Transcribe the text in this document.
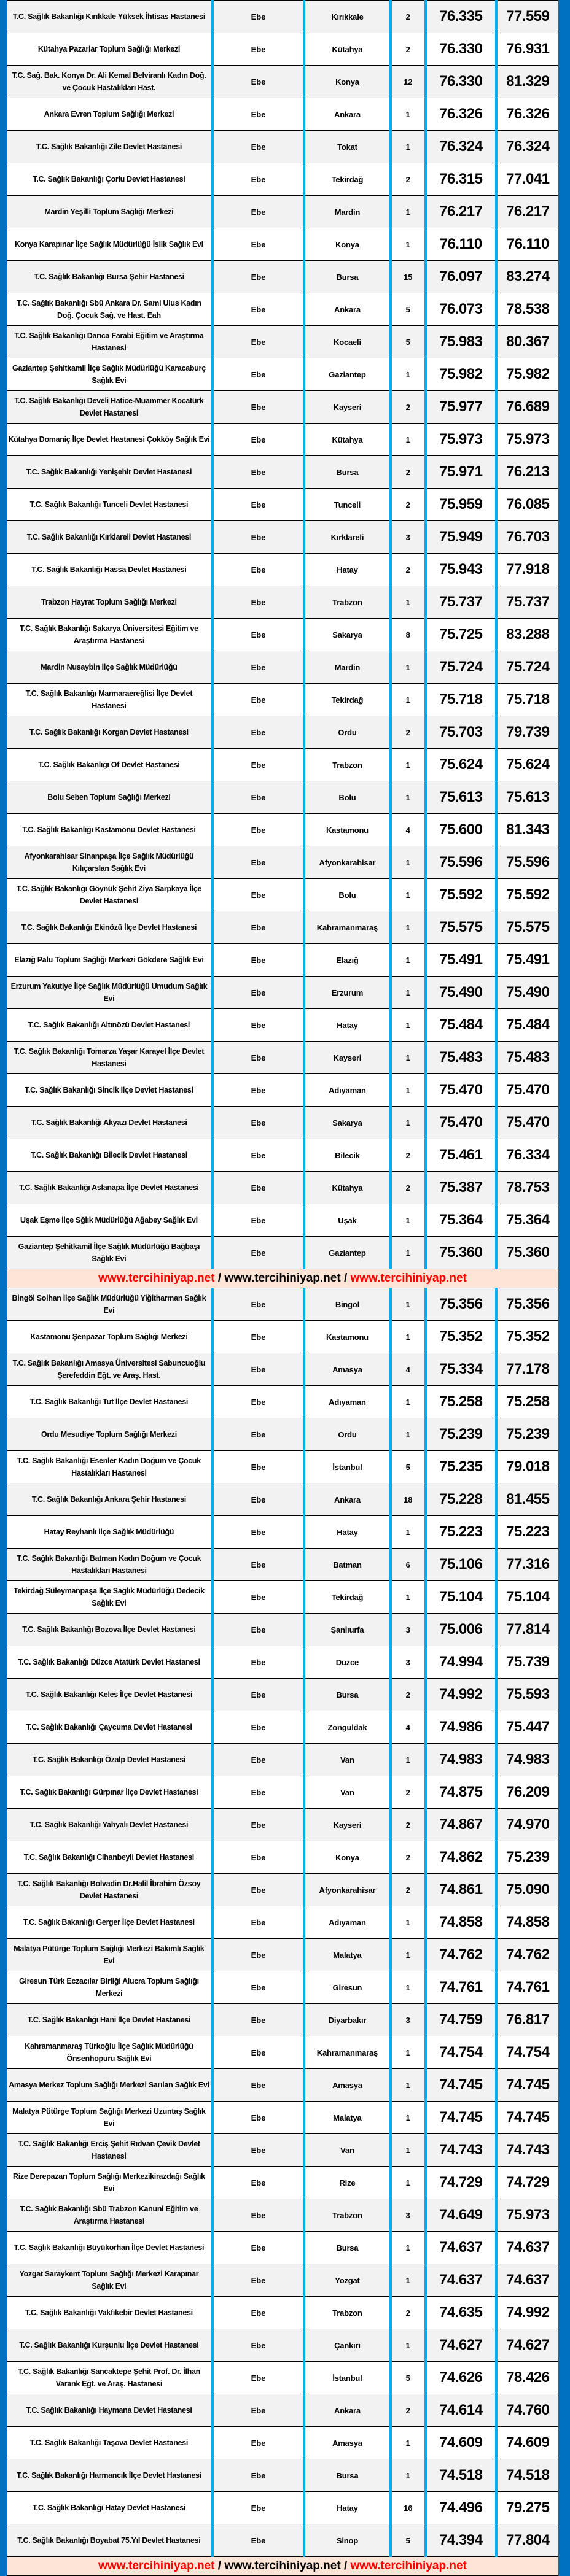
T.C. Sağlık Bakanlığı Kırıkkale Yüksek İhtisas Hastanesi	Ebe	Kırıkkale	2	76.335	77.559
Kütahya Pazarlar Toplum Sağlığı Merkezi	Ebe	Kütahya	2	76.330	76.931
T.C. Sağ. Bak. Konya Dr. Ali Kemal Belviranlı Kadın Doğ. ve Çocuk Hastalıkları Hast.	Ebe	Konya	12	76.330	81.329
Ankara Evren Toplum Sağlığı Merkezi	Ebe	Ankara	1	76.326	76.326
T.C. Sağlık Bakanlığı Zile Devlet Hastanesi	Ebe	Tokat	1	76.324	76.324
T.C. Sağlık Bakanlığı Çorlu Devlet Hastanesi	Ebe	Tekirdağ	2	76.315	77.041
Mardin Yeşilli Toplum Sağlığı Merkezi	Ebe	Mardin	1	76.217	76.217
Konya Karapınar İlçe Sağlık Müdürlüğü İslik Sağlık Evi	Ebe	Konya	1	76.110	76.110
T.C. Sağlık Bakanlığı Bursa Şehir Hastanesi	Ebe	Bursa	15	76.097	83.274
T.C. Sağlık Bakanlığı Sbü Ankara Dr. Sami Ulus Kadın Doğ. Çocuk Sağ. ve Hast. Eah	Ebe	Ankara	5	76.073	78.538
T.C. Sağlık Bakanlığı Darıca Farabi Eğitim ve Araştırma Hastanesi	Ebe	Kocaeli	5	75.983	80.367
Gaziantep Şehitkamil İlçe Sağlık Müdürlüğü Karacaburç Sağlık Evi	Ebe	Gaziantep	1	75.982	75.982
T.C. Sağlık Bakanlığı Develi Hatice-Muammer Kocatürk Devlet Hastanesi	Ebe	Kayseri	2	75.977	76.689
Kütahya Domaniç İlçe Devlet Hastanesi Çokköy Sağlık Evi	Ebe	Kütahya	1	75.973	75.973
T.C. Sağlık Bakanlığı Yenişehir Devlet Hastanesi	Ebe	Bursa	2	75.971	76.213
T.C. Sağlık Bakanlığı Tunceli Devlet Hastanesi	Ebe	Tunceli	2	75.959	76.085
T.C. Sağlık Bakanlığı Kırklareli Devlet Hastanesi	Ebe	Kırklareli	3	75.949	76.703
T.C. Sağlık Bakanlığı Hassa Devlet Hastanesi	Ebe	Hatay	2	75.943	77.918
Trabzon Hayrat Toplum Sağlığı Merkezi	Ebe	Trabzon	1	75.737	75.737
T.C. Sağlık Bakanlığı Sakarya Üniversitesi Eğitim ve Araştırma Hastanesi	Ebe	Sakarya	8	75.725	83.288
Mardin Nusaybin İlçe Sağlık Müdürlüğü	Ebe	Mardin	1	75.724	75.724
T.C. Sağlık Bakanlığı Marmaraereğlisi İlçe Devlet Hastanesi	Ebe	Tekirdağ	1	75.718	75.718
T.C. Sağlık Bakanlığı Korgan Devlet Hastanesi	Ebe	Ordu	2	75.703	79.739
T.C. Sağlık Bakanlığı Of Devlet Hastanesi	Ebe	Trabzon	1	75.624	75.624
Bolu Seben Toplum Sağlığı Merkezi	Ebe	Bolu	1	75.613	75.613
T.C. Sağlık Bakanlığı Kastamonu Devlet Hastanesi	Ebe	Kastamonu	4	75.600	81.343
Afyonkarahisar Sinanpaşa İlçe Sağlık Müdürlüğü Kılıçarslan Sağlık Evi	Ebe	Afyonkarahisar	1	75.596	75.596
T.C. Sağlık Bakanlığı Göynük Şehit Ziya Sarpkaya İlçe Devlet Hastanesi	Ebe	Bolu	1	75.592	75.592
T.C. Sağlık Bakanlığı Ekinözü İlçe Devlet Hastanesi	Ebe	Kahramanmaraş	1	75.575	75.575
Elazığ Palu Toplum Sağlığı Merkezi Gökdere Sağlık Evi	Ebe	Elazığ	1	75.491	75.491
Erzurum Yakutiye İlçe Sağlık Müdürlüğü Umudum Sağlık Evi	Ebe	Erzurum	1	75.490	75.490
T.C. Sağlık Bakanlığı Altınözü Devlet Hastanesi	Ebe	Hatay	1	75.484	75.484
T.C. Sağlık Bakanlığı Tomarza Yaşar Karayel İlçe Devlet Hastanesi	Ebe	Kayseri	1	75.483	75.483
T.C. Sağlık Bakanlığı Sincik İlçe Devlet Hastanesi	Ebe	Adıyaman	1	75.470	75.470
T.C. Sağlık Bakanlığı Akyazı Devlet Hastanesi	Ebe	Sakarya	1	75.470	75.470
T.C. Sağlık Bakanlığı Bilecik Devlet Hastanesi	Ebe	Bilecik	2	75.461	76.334
T.C. Sağlık Bakanlığı Aslanapa İlçe Devlet Hastanesi	Ebe	Kütahya	2	75.387	78.753
Uşak Eşme İlçe Sğlık Müdürlüğü Ağabey Sağlık Evi	Ebe	Uşak	1	75.364	75.364
Gaziantep Şehitkamil İlçe Sağlık Müdürlüğü Bağbaşı Sağlık Evi	Ebe	Gaziantep	1	75.360	75.360
www.tercihiniyap.net / www.tercihiniyap.net / www.tercihiniyap.net					
Bingöl Solhan İlçe Sağlık Müdürlüğü Yiğitharman Sağlık Evi	Ebe	Bingöl	1	75.356	75.356
Kastamonu Şenpazar Toplum Sağlığı Merkezi	Ebe	Kastamonu	1	75.352	75.352
T.C. Sağlık Bakanlığı Amasya Üniversitesi Sabuncuoğlu Şerefeddin Eğt. ve Araş. Hast.	Ebe	Amasya	4	75.334	77.178
T.C. Sağlık Bakanlığı Tut İlçe Devlet Hastanesi	Ebe	Adıyaman	1	75.258	75.258
Ordu Mesudiye Toplum Sağlığı Merkezi	Ebe	Ordu	1	75.239	75.239
T.C. Sağlık Bakanlığı Esenler Kadın Doğum ve Çocuk Hastalıkları Hastanesi	Ebe	İstanbul	5	75.235	79.018
T.C. Sağlık Bakanlığı Ankara Şehir Hastanesi	Ebe	Ankara	18	75.228	81.455
Hatay Reyhanlı İlçe Sağlık Müdürlüğü	Ebe	Hatay	1	75.223	75.223
T.C. Sağlık Bakanlığı Batman Kadın Doğum ve Çocuk Hastalıkları Hastanesi	Ebe	Batman	6	75.106	77.316
Tekirdağ Süleymanpaşa İlçe Sağlık Müdürlüğü Dedecik Sağlık Evi	Ebe	Tekirdağ	1	75.104	75.104
T.C. Sağlık Bakanlığı Bozova İlçe Devlet Hastanesi	Ebe	Şanlıurfa	3	75.006	77.814
T.C. Sağlık Bakanlığı Düzce Atatürk Devlet Hastanesi	Ebe	Düzce	3	74.994	75.739
T.C. Sağlık Bakanlığı Keles İlçe Devlet Hastanesi	Ebe	Bursa	2	74.992	75.593
T.C. Sağlık Bakanlığı Çaycuma Devlet Hastanesi	Ebe	Zonguldak	4	74.986	75.447
T.C. Sağlık Bakanlığı Özalp Devlet Hastanesi	Ebe	Van	1	74.983	74.983
T.C. Sağlık Bakanlığı Gürpınar İlçe Devlet Hastanesi	Ebe	Van	2	74.875	76.209
T.C. Sağlık Bakanlığı Yahyalı Devlet Hastanesi	Ebe	Kayseri	2	74.867	74.970
T.C. Sağlık Bakanlığı Cihanbeyli Devlet Hastanesi	Ebe	Konya	2	74.862	75.239
T.C. Sağlık Bakanlığı Bolvadin Dr.Halil İbrahim Özsoy Devlet Hastanesi	Ebe	Afyonkarahisar	2	74.861	75.090
T.C. Sağlık Bakanlığı Gerger İlçe Devlet Hastanesi	Ebe	Adıyaman	1	74.858	74.858
Malatya Pütürge Toplum Sağlığı Merkezi Bakımlı Sağlık Evi	Ebe	Malatya	1	74.762	74.762
Giresun Türk Eczacılar Birliği Alucra Toplum Sağlığı Merkezi	Ebe	Giresun	1	74.761	74.761
T.C. Sağlık Bakanlığı Hani İlçe Devlet Hastanesi	Ebe	Diyarbakır	3	74.759	76.817
Kahramanmaraş Türkoğlu İlçe Sağlık Müdürlüğü Önsenhopuru Sağlık Evi	Ebe	Kahramanmaraş	1	74.754	74.754
Amasya Merkez Toplum Sağlığı Merkezi Sarılan Sağlık Evi	Ebe	Amasya	1	74.745	74.745
Malatya Pütürge Toplum Sağlığı Merkezi Uzuntaş Sağlık Evi	Ebe	Malatya	1	74.745	74.745
T.C. Sağlık Bakanlığı Erciş Şehit Rıdvan Çevik Devlet Hastanesi	Ebe	Van	1	74.743	74.743
Rize Derepazarı Toplum Sağlığı Merkezikirazdağı Sağlık Evi	Ebe	Rize	1	74.729	74.729
T.C. Sağlık Bakanlığı Sbü Trabzon Kanuni Eğitim ve Araştırma Hastanesi	Ebe	Trabzon	3	74.649	75.973
T.C. Sağlık Bakanlığı Büyükorhan İlçe Devlet Hastanesi	Ebe	Bursa	1	74.637	74.637
Yozgat Saraykent Toplum Sağlığı Merkezi Karapınar Sağlık Evi	Ebe	Yozgat	1	74.637	74.637
T.C. Sağlık Bakanlığı Vakfıkebir Devlet Hastanesi	Ebe	Trabzon	2	74.635	74.992
T.C. Sağlık Bakanlığı Kurşunlu İlçe Devlet Hastanesi	Ebe	Çankırı	1	74.627	74.627
T.C. Sağlık Bakanlığı Sancaktepe Şehit Prof. Dr. İlhan Varank Eğt. ve Araş. Hastanesi	Ebe	İstanbul	5	74.626	78.426
T.C. Sağlık Bakanlığı Haymana Devlet Hastanesi	Ebe	Ankara	2	74.614	74.760
T.C. Sağlık Bakanlığı Taşova Devlet Hastanesi	Ebe	Amasya	1	74.609	74.609
T.C. Sağlık Bakanlığı Harmancık İlçe Devlet Hastanesi	Ebe	Bursa	1	74.518	74.518
T.C. Sağlık Bakanlığı Hatay Devlet Hastanesi	Ebe	Hatay	16	74.496	79.275
T.C. Sağlık Bakanlığı Boyabat 75.Yıl Devlet Hastanesi	Ebe	Sinop	5	74.394	77.804
www.tercihiniyap.net / www.tercihiniyap.net / www.tercihiniyap.net					
